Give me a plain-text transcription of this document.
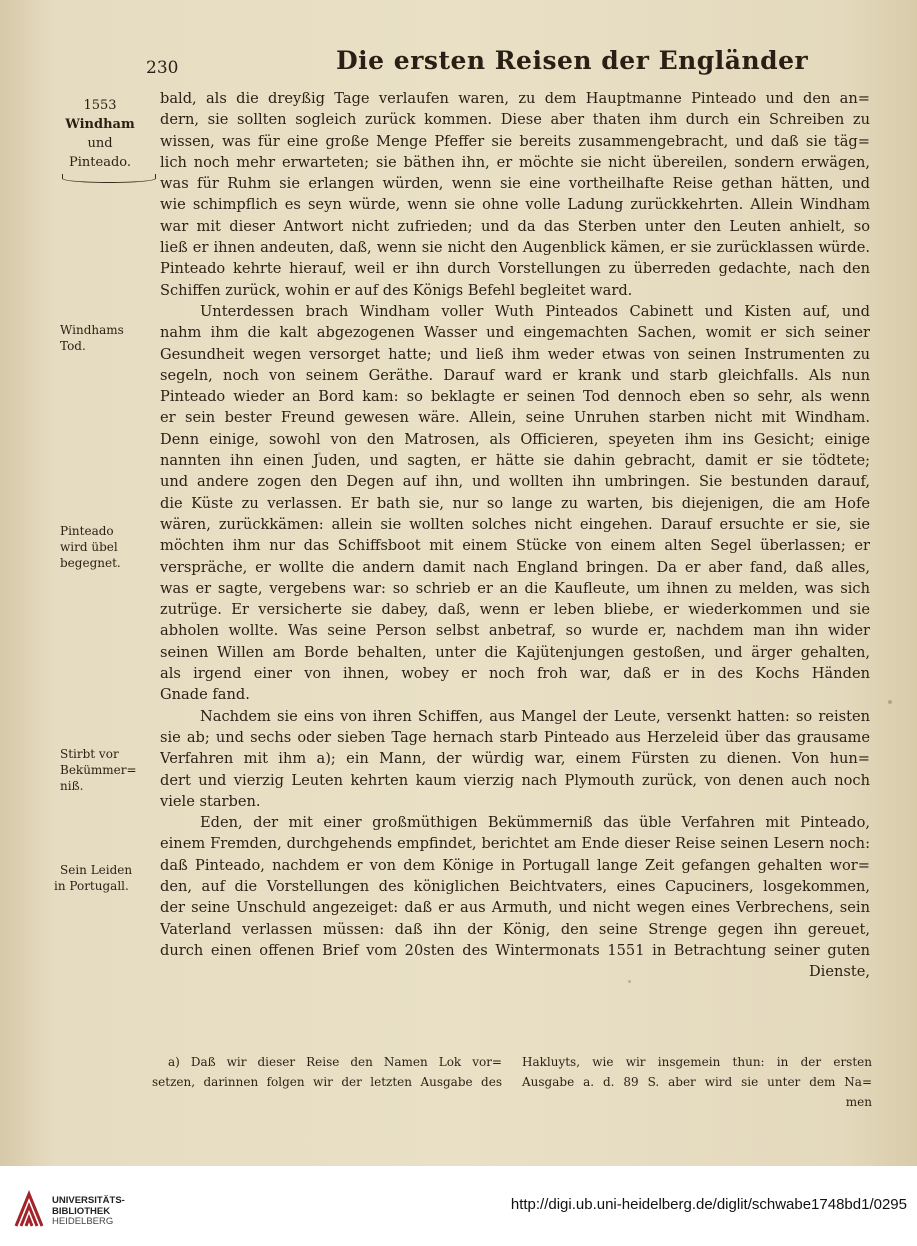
230	Die ersten Reisen der Engländer
1553
Windham
und
Pinteado.
Windhams
Tod.
Pinteado
wird übel
begegnet.
Stirbt vor
Bekümmer=
niß.
Sein Leiden
in Portugall.
bald, als die dreyßig Tage verlaufen waren, zu dem Hauptmanne Pinteado und den an=
dern, sie sollten sogleich zurück kommen. Diese aber thaten ihm durch ein Schreiben zu
wissen, was für eine große Menge Pfeffer sie bereits zusammengebracht, und daß sie täg=
lich noch mehr erwarteten; sie bäthen ihn, er möchte sie nicht übereilen, sondern erwägen,
was für Ruhm sie erlangen würden, wenn sie eine vortheilhafte Reise gethan hätten, und
wie schimpflich es seyn würde, wenn sie ohne volle Ladung zurückkehrten. Allein Windham
war mit dieser Antwort nicht zufrieden; und da das Sterben unter den Leuten anhielt, so
ließ er ihnen andeuten, daß, wenn sie nicht den Augenblick kämen, er sie zurücklassen würde.
Pinteado kehrte hierauf, weil er ihn durch Vorstellungen zu überreden gedachte, nach den
Schiffen zurück, wohin er auf des Königs Befehl begleitet ward.
Unterdessen brach Windham voller Wuth Pinteados Cabinett und Kisten auf, und
nahm ihm die kalt abgezogenen Wasser und eingemachten Sachen, womit er sich seiner
Gesundheit wegen versorget hatte; und ließ ihm weder etwas von seinen Instrumenten zu
segeln, noch von seinem Geräthe. Darauf ward er krank und starb gleichfalls. Als nun
Pinteado wieder an Bord kam: so beklagte er seinen Tod dennoch eben so sehr, als wenn
er sein bester Freund gewesen wäre. Allein, seine Unruhen starben nicht mit Windham.
Denn einige, sowohl von den Matrosen, als Officieren, speyeten ihm ins Gesicht; einige
nannten ihn einen Juden, und sagten, er hätte sie dahin gebracht, damit er sie tödtete;
und andere zogen den Degen auf ihn, und wollten ihn umbringen. Sie bestunden darauf,
die Küste zu verlassen. Er bath sie, nur so lange zu warten, bis diejenigen, die am Hofe
wären, zurückkämen: allein sie wollten solches nicht eingehen. Darauf ersuchte er sie, sie
möchten ihm nur das Schiffsboot mit einem Stücke von einem alten Segel überlassen; er
verspräche, er wollte die andern damit nach England bringen. Da er aber fand, daß alles,
was er sagte, vergebens war: so schrieb er an die Kaufleute, um ihnen zu melden, was sich
zutrüge. Er versicherte sie dabey, daß, wenn er leben bliebe, er wiederkommen und sie
abholen wollte. Was seine Person selbst anbetraf, so wurde er, nachdem man ihn wider
seinen Willen am Borde behalten, unter die Kajütenjungen gestoßen, und ärger gehalten,
als irgend einer von ihnen, wobey er noch froh war, daß er in des Kochs Händen
Gnade fand.
Nachdem sie eins von ihren Schiffen, aus Mangel der Leute, versenkt hatten: so reisten
sie ab; und sechs oder sieben Tage hernach starb Pinteado aus Herzeleid über das grausame
Verfahren mit ihm a); ein Mann, der würdig war, einem Fürsten zu dienen. Von hun=
dert und vierzig Leuten kehrten kaum vierzig nach Plymouth zurück, von denen auch noch
viele starben.
Eden, der mit einer großmüthigen Bekümmerniß das üble Verfahren mit Pinteado,
einem Fremden, durchgehends empfindet, berichtet am Ende dieser Reise seinen Lesern noch:
daß Pinteado, nachdem er von dem Könige in Portugall lange Zeit gefangen gehalten wor=
den, auf die Vorstellungen des königlichen Beichtvaters, eines Capuciners, losgekommen,
der seine Unschuld angezeiget: daß er aus Armuth, und nicht wegen eines Verbrechens, sein
Vaterland verlassen müssen: daß ihn der König, den seine Strenge gegen ihn gereuet,
durch einen offenen Brief vom 20sten des Wintermonats 1551 in Betrachtung seiner guten
Dienste,
a) Daß wir dieser Reise den Namen Lok vor=
setzen, darinnen folgen wir der letzten Ausgabe des
Hakluyts, wie wir insgemein thun: in der ersten
Ausgabe a. d. 89 S. aber wird sie unter dem Na=
men
UNIVERSITÄTS-
BIBLIOTHEK
HEIDELBERG
http://digi.ub.uni-heidelberg.de/diglit/schwabe1748bd1/0295
